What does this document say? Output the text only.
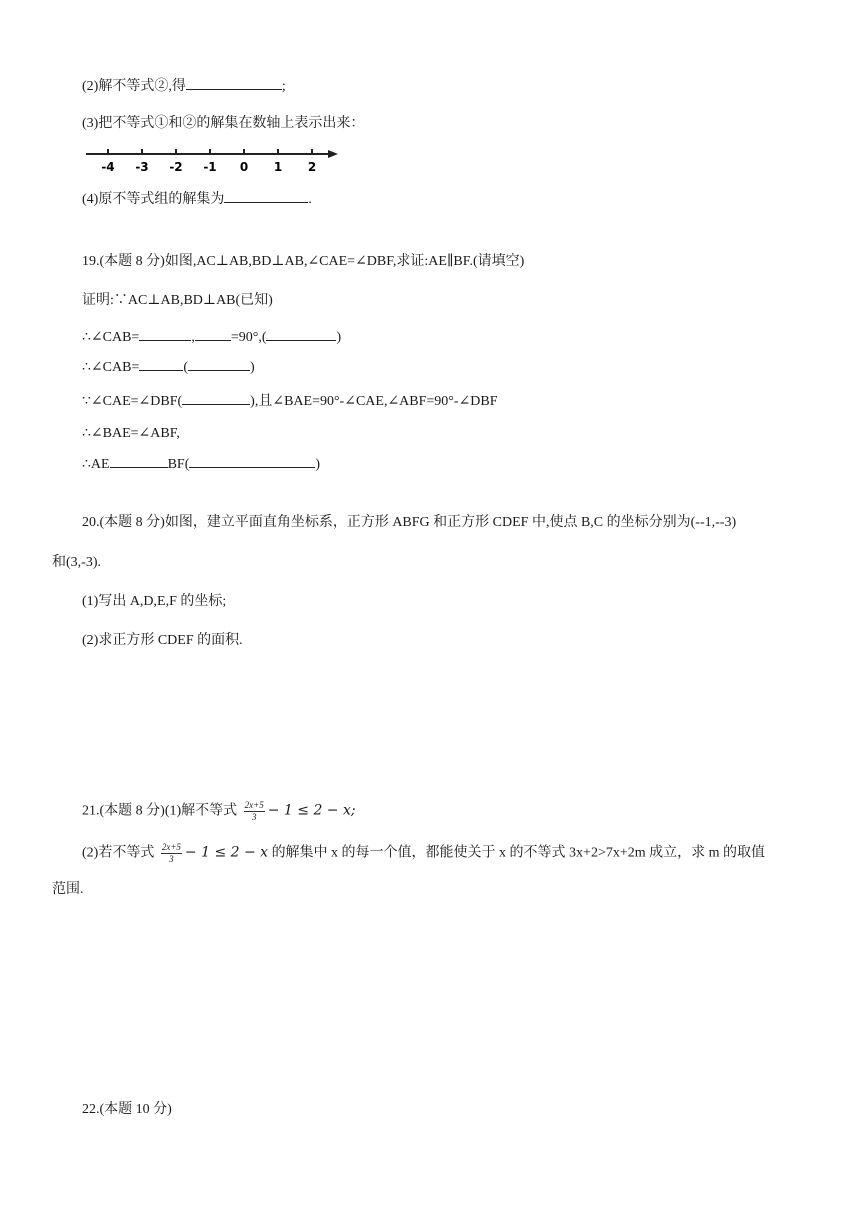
(2)解不等式②,得	;
(3)把不等式①和②的解集在数轴上表示出来：
-4 -3 -2 -1 0 1 2
(4)原不等式组的解集为	.
19.(本题 8 分)如图,AC⊥AB,BD⊥AB,∠CAE=∠DBF,求证:AE∥BF.(请填空)
证明:∵AC⊥AB,BD⊥AB(已知)
∴∠CAB=	,	=90°,(	)
∴∠CAB=	(	)
∵∠CAE=∠DBF(	),且∠BAE=90°-∠CAE,∠ABF=90°-∠DBF
∴∠BAE=∠ABF,
∴AE	BF(	)
20.(本题 8 分)如图，建立平面直角坐标系，正方形 ABFG 和正方形 CDEF 中,使点 B,C 的坐标分别为(--1,--3)
和(3,-3).
(1)写出 A,D,E,F 的坐标;
(2)求正方形 CDEF 的面积.
21.(本题 8 分)(1)解不等式 $\frac{2x+5}{3} - 1 \le 2 - x$;
(2)若不等式 $\frac{2x+5}{3} - 1 \le 2 - x$ 的解集中 x 的每一个值，都能使关于 x 的不等式 3x+2>7x+2m 成立，求 m 的取值
范围.
22.(本题 10 分)
